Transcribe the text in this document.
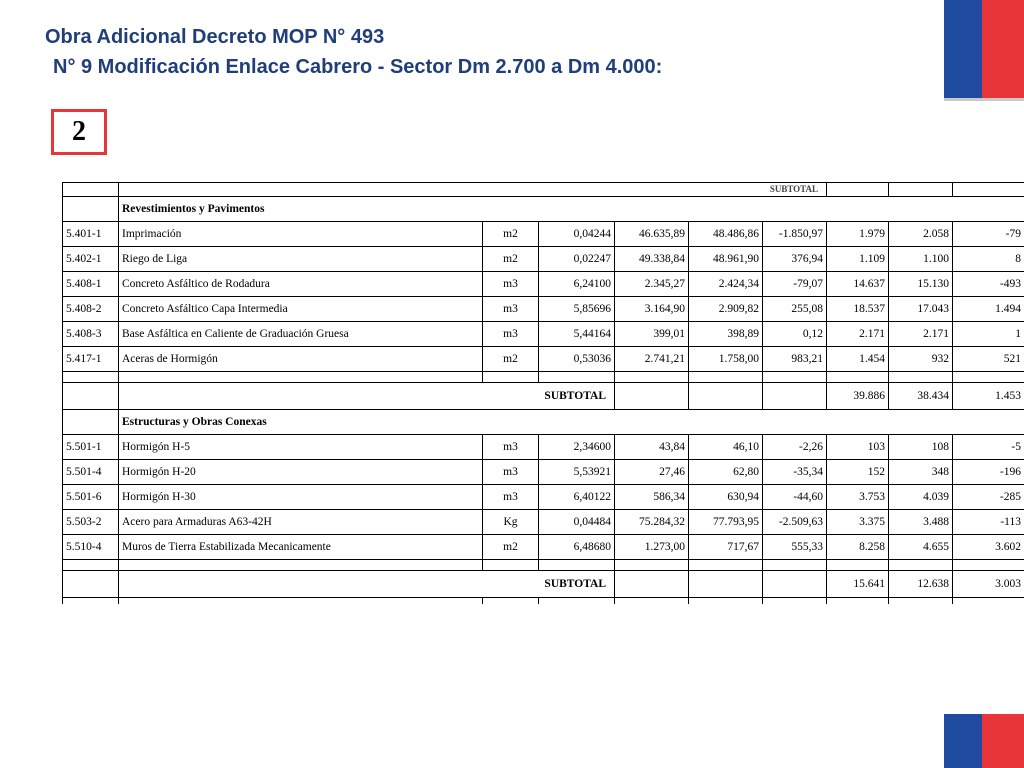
Obra Adicional Decreto MOP N° 493
N° 9 Modificación Enlace Cabrero - Sector Dm 2.700 a Dm 4.000:
2
	SUBTOTAL								
	Revestimientos y Pavimentos								
5.401-1	Imprimación	m2	0,04244	46.635,89	48.486,86	-1.850,97	1.979	2.058	-79
5.402-1	Riego de Liga	m2	0,02247	49.338,84	48.961,90	376,94	1.109	1.100	8
5.408-1	Concreto Asfáltico de Rodadura	m3	6,24100	2.345,27	2.424,34	-79,07	14.637	15.130	-493
5.408-2	Concreto Asfáltico Capa Intermedia	m3	5,85696	3.164,90	2.909,82	255,08	18.537	17.043	1.494
5.408-3	Base Asfáltica en Caliente de Graduación Gruesa	m3	5,44164	399,01	398,89	0,12	2.171	2.171	1
5.417-1	Aceras de Hormigón	m2	0,53036	2.741,21	1.758,00	983,21	1.454	932	521

	SUBTOTAL						39.886	38.434	1.453
	Estructuras y Obras Conexas								
5.501-1	Hormigón H-5	m3	2,34600	43,84	46,10	-2,26	103	108	-5
5.501-4	Hormigón H-20	m3	5,53921	27,46	62,80	-35,34	152	348	-196
5.501-6	Hormigón H-30	m3	6,40122	586,34	630,94	-44,60	3.753	4.039	-285
5.503-2	Acero para Armaduras A63-42H	Kg	0,04484	75.284,32	77.793,95	-2.509,63	3.375	3.488	-113
5.510-4	Muros de Tierra Estabilizada Mecanicamente	m2	6,48680	1.273,00	717,67	555,33	8.258	4.655	3.602

	SUBTOTAL						15.641	12.638	3.003
